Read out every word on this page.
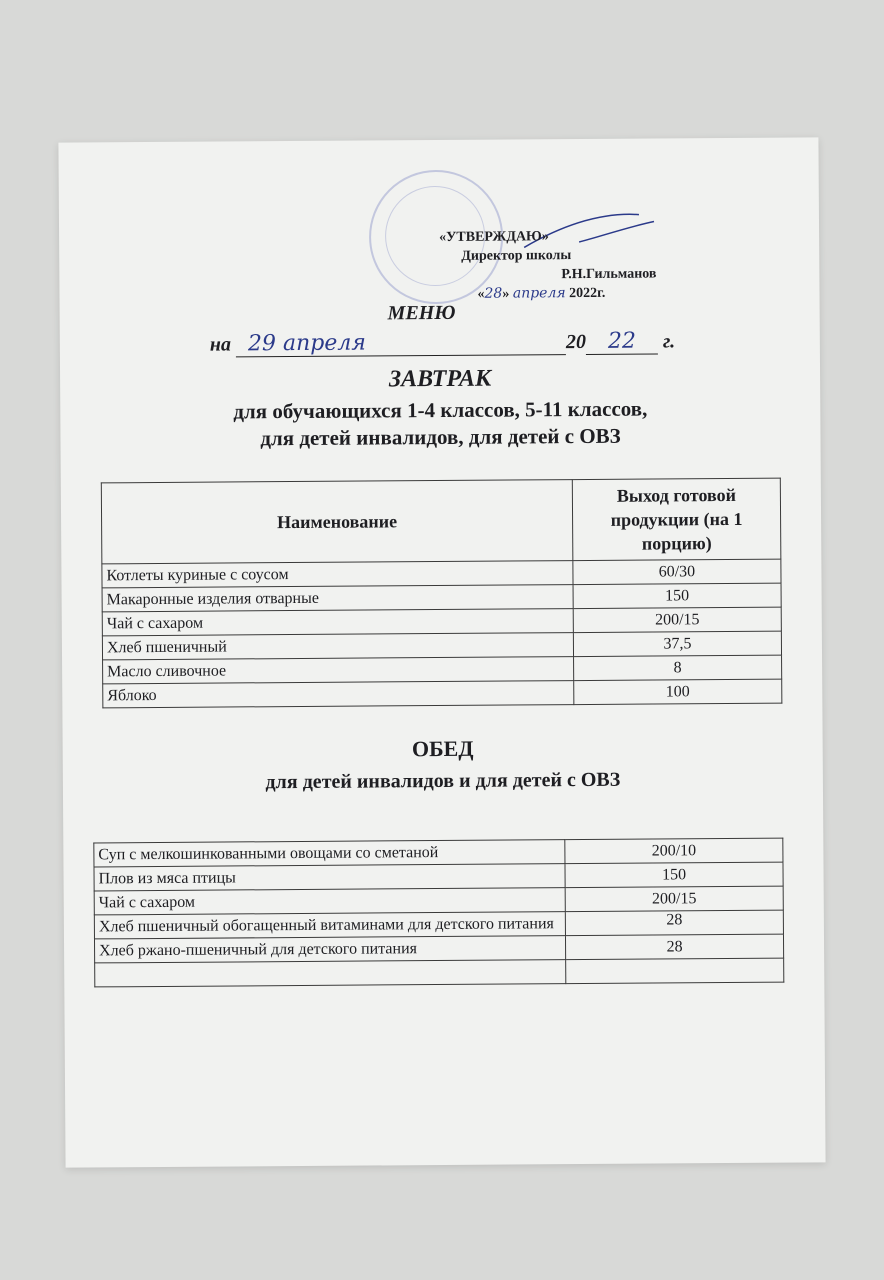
«УТВЕРЖДАЮ»
Директор школы
Р.Н.Гильманов
«28» апреля 2022г.
МЕНЮ
на 29 апреля	20 22 г.
ЗАВТРАК
для обучающихся 1-4 классов, 5-11 классов,
для детей инвалидов, для детей с ОВЗ
Наименование	Выход готовой продукции (на 1 порцию)
Котлеты куриные с соусом	60/30
Макаронные изделия отварные	150
Чай с сахаром	200/15
Хлеб пшеничный	37,5
Масло сливочное	8
Яблоко	100
ОБЕД
для детей инвалидов и для детей с ОВЗ
Суп с мелкошинкованными овощами со сметаной	200/10
Плов из мяса птицы	150
Чай с сахаром	200/15
Хлеб пшеничный обогащенный витаминами для детского питания	28
Хлеб ржано-пшеничный для детского питания	28
